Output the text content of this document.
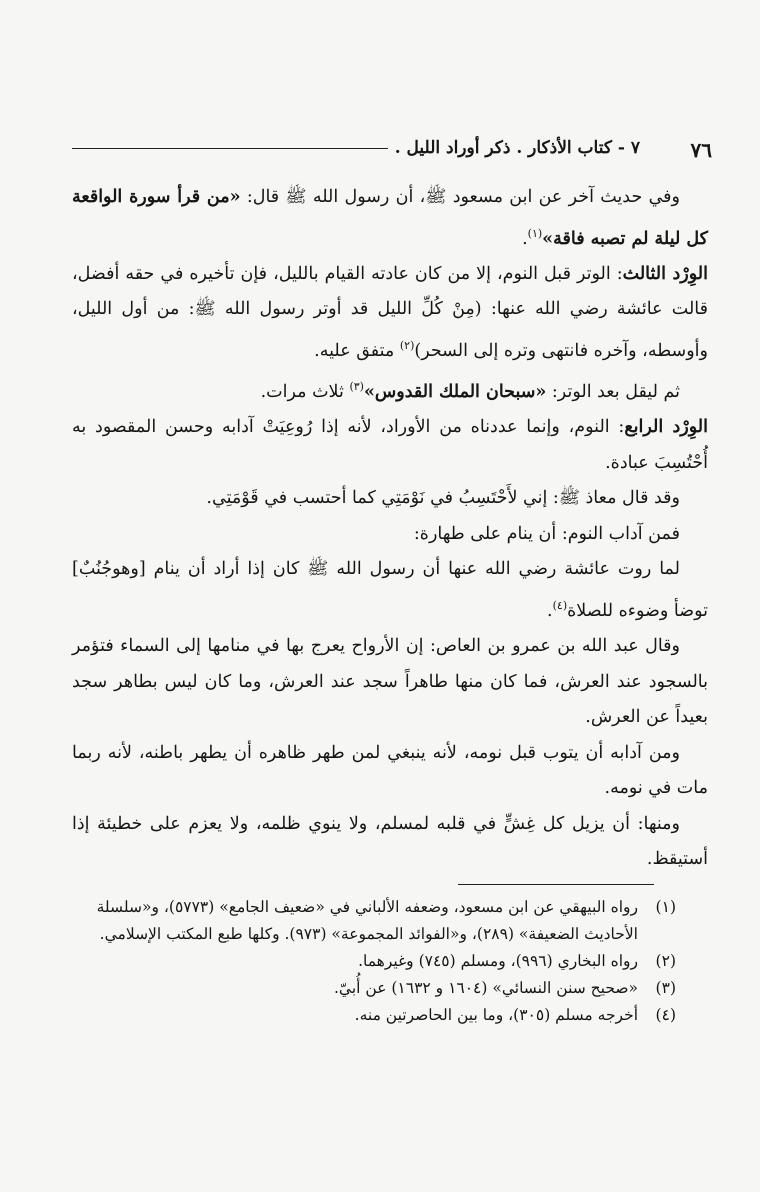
٧٦
٧ - كتاب الأذكار . ذكر أوراد الليل .

وفي حديث آخر عن ابن مسعود ﷺ، أن رسول الله ﷺ قال: «من قرأ سورة الواقعة كل ليلة لم تصبه فاقة»$^{(١)}$.

الوِرْد الثالث: الوتر قبل النوم، إلا من كان عادته القيام بالليل، فإن تأخيره في حقه أفضل، قالت عائشة رضي الله عنها: (مِنْ كُلِّ الليل قد أوتر رسول الله ﷺ: من أول الليل، وأوسطه، وآخره فانتهى وتره إلى السحر)$^{(٢)}$ متفق عليه.

ثم ليقل بعد الوتر: «سبحان الملك القدوس»$^{(٣)}$ ثلاث مرات.

الوِرْد الرابع: النوم، وإنما عددناه من الأوراد، لأنه إذا رُوعِيَتْ آدابه وحسن المقصود به أُحْتُسِبَ عبادة.

وقد قال معاذ ﷺ: إني لأَحْتَسِبُ في نَوْمَتِي كما أحتسب في قَوْمَتِي.

فمن آداب النوم: أن ينام على طهارة:

لما روت عائشة رضي الله عنها أن رسول الله ﷺ كان إذا أراد أن ينام [وهوجُنُبٌ] توضأ وضوءه للصلاة$^{(٤)}$.

وقال عبد الله بن عمرو بن العاص: إن الأرواح يعرج بها في منامها إلى السماء فتؤمر بالسجود عند العرش، فما كان منها طاهراً سجد عند العرش، وما كان ليس بطاهر سجد بعيداً عن العرش.

ومن آدابه أن يتوب قبل نومه، لأنه ينبغي لمن طهر ظاهره أن يطهر باطنه، لأنه ربما مات في نومه.

ومنها: أن يزيل كل غِشٍّ في قلبه لمسلم، ولا ينوي ظلمه، ولا يعزم على خطيئة إذا أستيقظ.

(١)
رواه البيهقي عن ابن مسعود، وضعفه الألباني في «ضعيف الجامع» (٥٧٧٣)، و«سلسلة الأحاديث الضعيفة» (٢٨٩)، و«الفوائد المجموعة» (٩٧٣). وكلها طبع المكتب الإسلامي.

(٢)
رواه البخاري (٩٩٦)، ومسلم (٧٤٥) وغيرهما.

(٣)
«صحيح سنن النسائي» (١٦٠٤ و ١٦٣٢) عن أُبيّ.

(٤)
أخرجه مسلم (٣٠٥)، وما بين الحاصرتين منه.
